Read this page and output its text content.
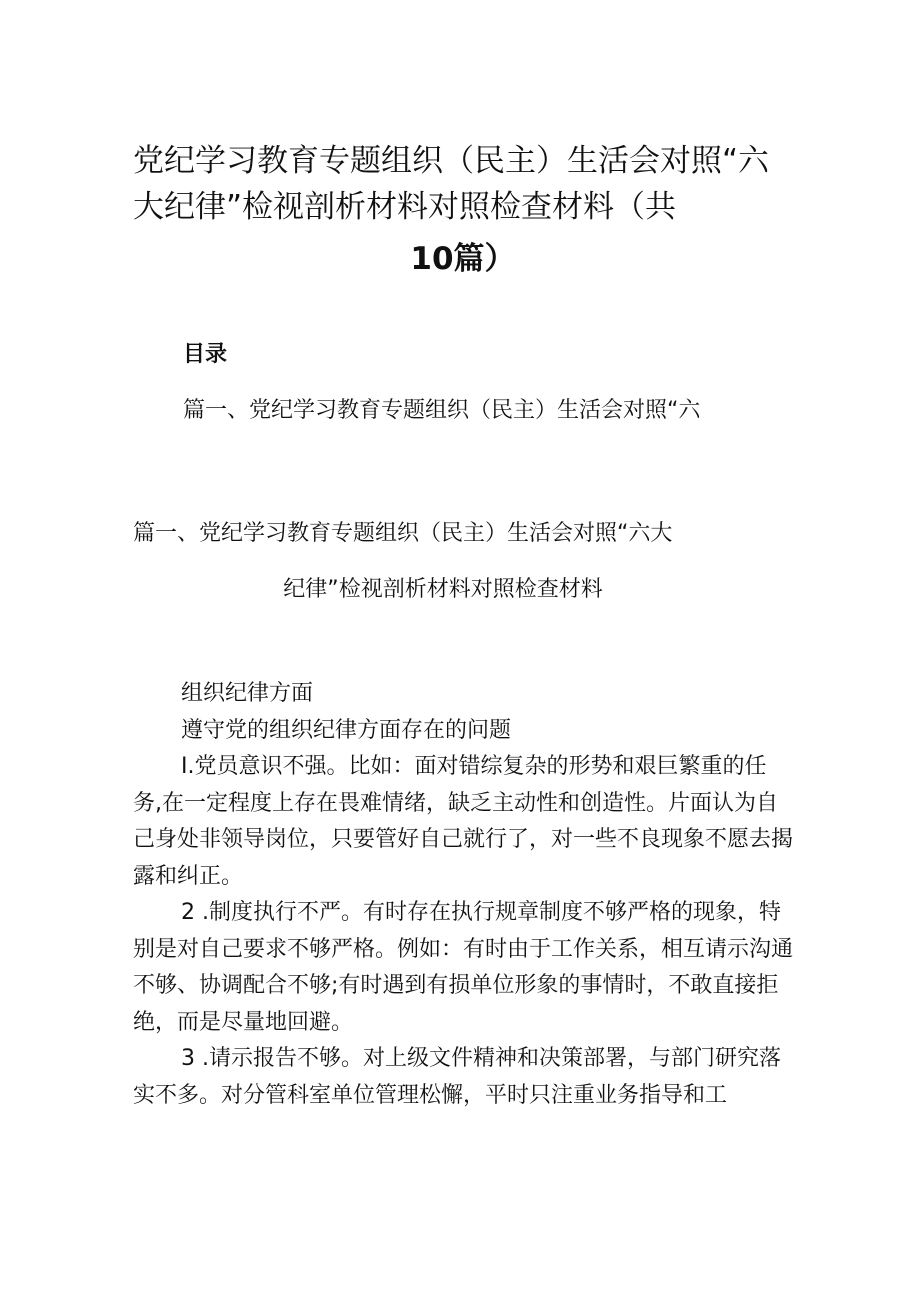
党纪学习教育专题组织（民主）生活会对照“六
大纪律”检视剖析材料对照检查材料（共
10篇）
目录
篇一、党纪学习教育专题组织（民主）生活会对照“六
篇一、党纪学习教育专题组织（民主）生活会对照“六大
纪律”检视剖析材料对照检查材料

组织纪律方面

遵守党的组织纪律方面存在的问题

I.党员意识不强。比如：面对错综复杂的形势和艰巨繁重的任务,在一定程度上存在畏难情绪，缺乏主动性和创造性。片面认为自己身处非领导岗位，只要管好自己就行了，对一些不良现象不愿去揭露和纠正。

2 .制度执行不严。有时存在执行规章制度不够严格的现象，特别是对自己要求不够严格。例如：有时由于工作关系，相互请示沟通不够、协调配合不够;有时遇到有损单位形象的事情时，不敢直接拒绝，而是尽量地回避。

3 .请示报告不够。对上级文件精神和决策部署，与部门研究落实不多。对分管科室单位管理松懈，平时只注重业务指导和工
